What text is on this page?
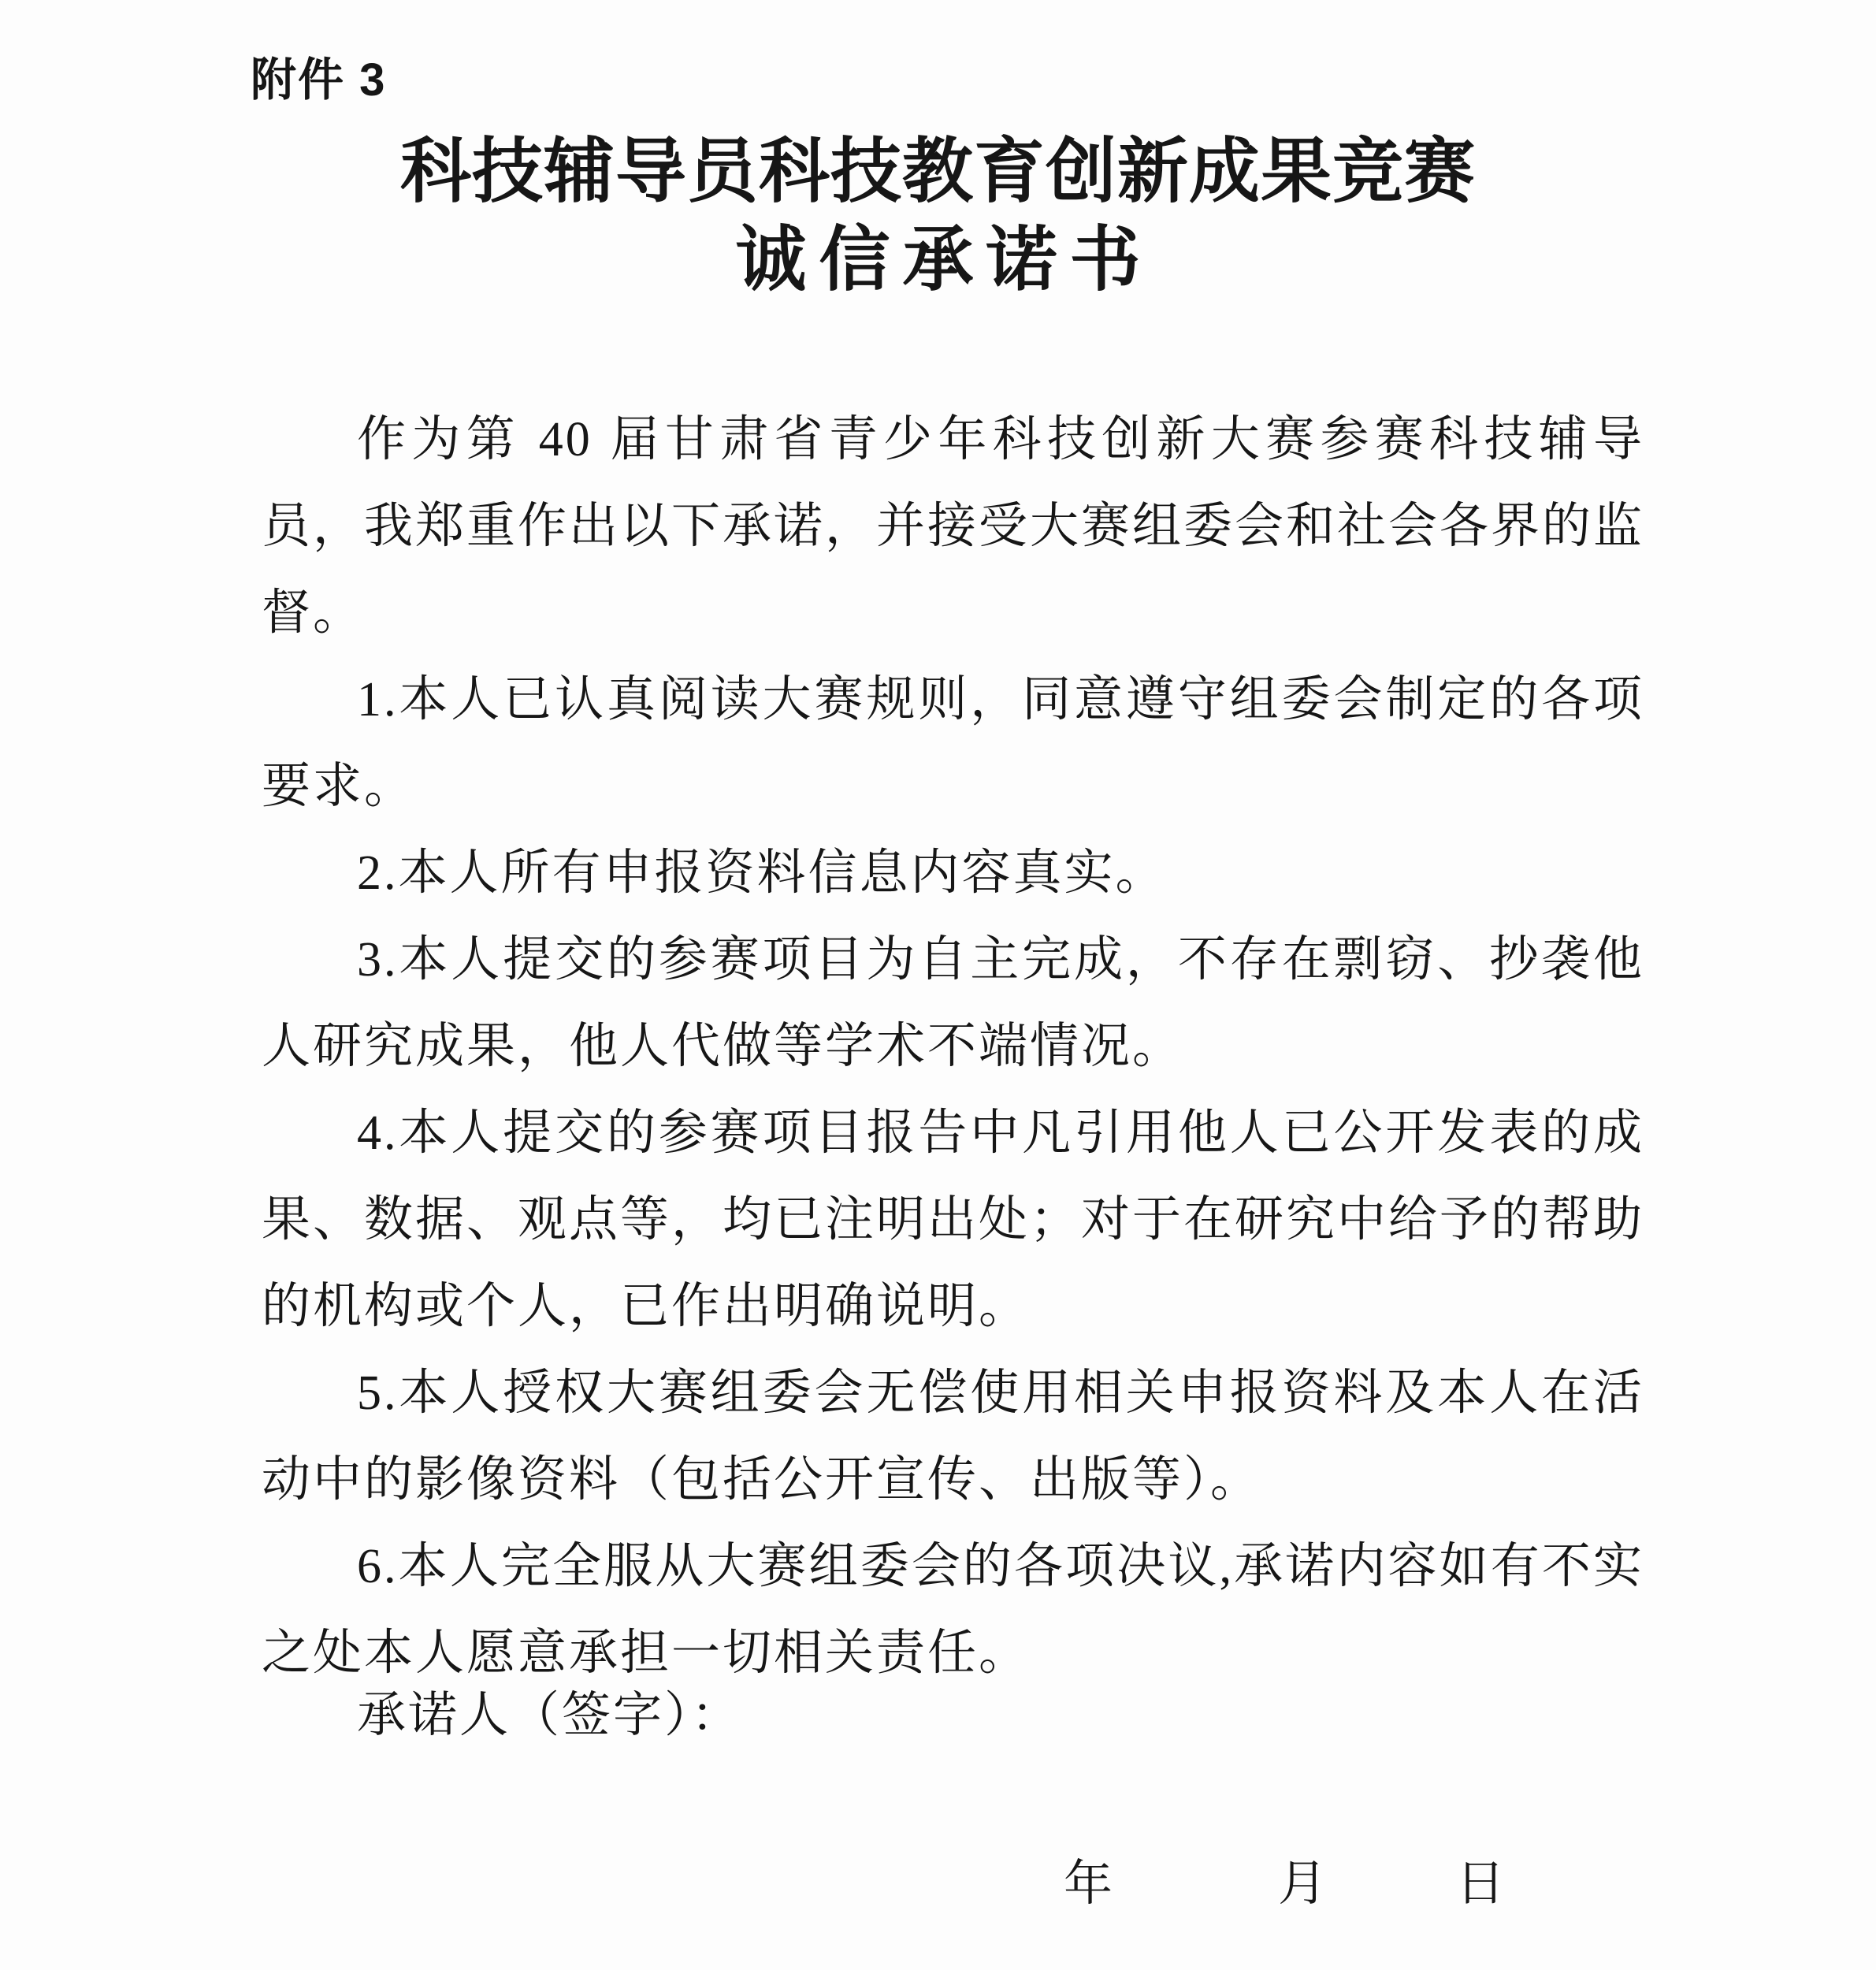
附件 3
科技辅导员科技教育创新成果竞赛
诚信承诺书

作为第 40 届甘肃省青少年科技创新大赛参赛科技辅导员，我郑重作出以下承诺，并接受大赛组委会和社会各界的监督。

1.本人已认真阅读大赛规则，同意遵守组委会制定的各项要求。

2.本人所有申报资料信息内容真实。

3.本人提交的参赛项目为自主完成，不存在剽窃、抄袭他人研究成果，他人代做等学术不端情况。

4.本人提交的参赛项目报告中凡引用他人已公开发表的成果、数据、观点等，均已注明出处；对于在研究中给予的帮助的机构或个人，已作出明确说明。

5.本人授权大赛组委会无偿使用相关申报资料及本人在活动中的影像资料（包括公开宣传、出版等）。

6.本人完全服从大赛组委会的各项决议,承诺内容如有不实之处本人愿意承担一切相关责任。

承诺人（签字）：
年	月	日
